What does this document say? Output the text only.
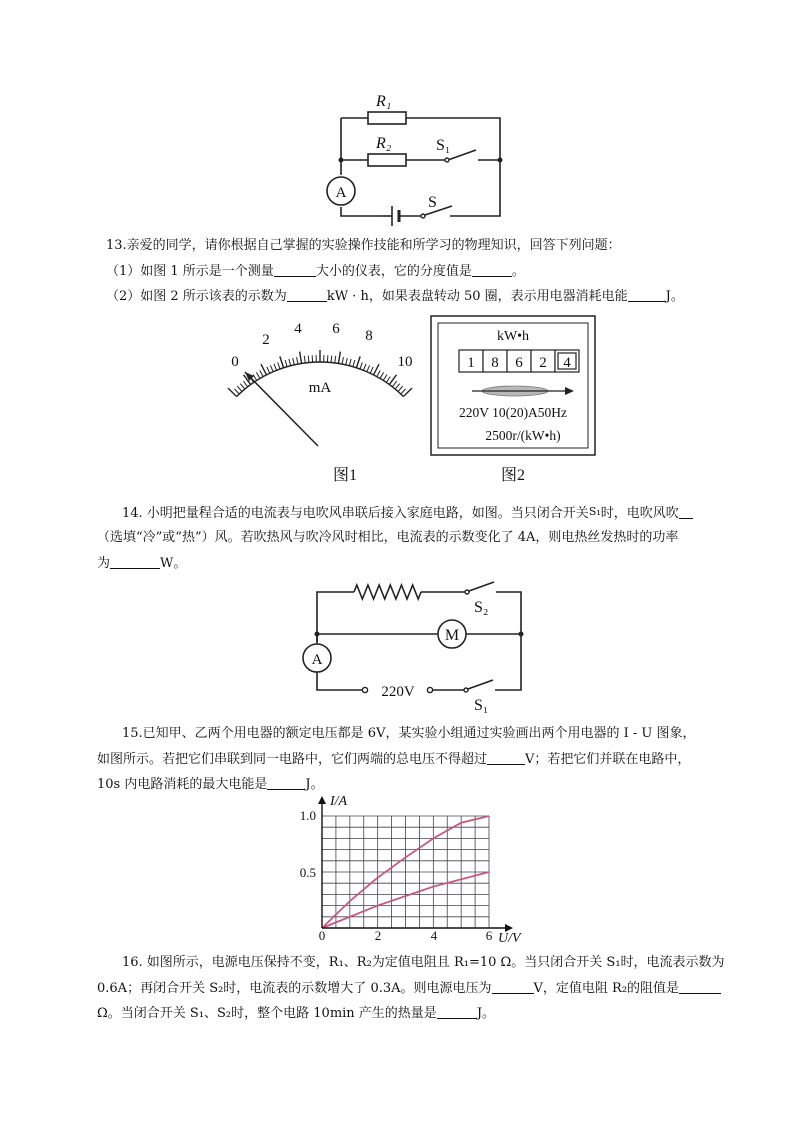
A
R₁
R₂	S₁
S
13.亲爱的同学，请你根据自己掌握的实验操作技能和所学习的物理知识，回答下列问题：
（1）如图 1 所示是一个测量	大小的仪表，它的分度值是	。
（2）如图 2 所示该表的示数为	kW · h，如果表盘转动 50 圈，表示用电器消耗电能	J。
0
2
4 6 8
10
mA
图1
kW•h
1 8 6 2 4
220V 10(20)A50Hz
2500r/(kW•h)
图2
14. 小明把量程合适的电流表与电吹风串联后接入家庭电路，如图。当只闭合开关S₁时，电吹风吹
（选填“冷”或“热”）风。若吹热风与吹冷风时相比，电流表的示数变化了 4A，则电热丝发热时的功率
为	W。
M
A
220V
S₂
S₁
15.已知甲、乙两个用电器的额定电压都是 6V，某实验小组通过实验画出两个用电器的 I - U 图象，
如图所示。若把它们串联到同一电路中，它们两端的总电压不得超过	V；若把它们并联在电路中，
10s 内电路消耗的最大电能是	J。
I/A
U/V
1.0
0.5
0	2	4	6
16. 如图所示，电源电压保持不变，R₁、R₂为定值电阻且 R₁=10 Ω。当只闭合开关 S₁时，电流表示数为
0.6A；再闭合开关 S₂时，电流表的示数增大了 0.3A。则电源电压为	V，定值电阻 R₂的阻值是
Ω。当闭合开关 S₁、S₂时，整个电路 10min 产生的热量是	J。
